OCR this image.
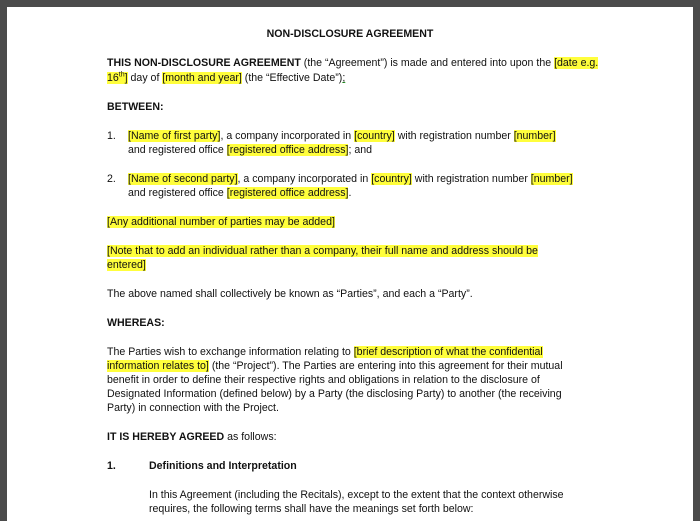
NON-DISCLOSURE AGREEMENT

THIS NON-DISCLOSURE AGREEMENT (the “Agreement”) is made and entered into upon the [date e.g.

16th] day of [month and year] (the “Effective Date”);

BETWEEN:

1. [Name of first party], a company incorporated in [country] with registration number [number]

and registered office [registered office address]; and

2. [Name of second party], a company incorporated in [country] with registration number [number]

and registered office [registered office address].

[Any additional number of parties may be added]

[Note that to add an individual rather than a company, their full name and address should be

entered]

The above named shall collectively be known as “Parties”, and each a “Party”.

WHEREAS:

The Parties wish to exchange information relating to [brief description of what the confidential

information relates to] (the “Project”). The Parties are entering into this agreement for their mutual

benefit in order to define their respective rights and obligations in relation to the disclosure of

Designated Information (defined below) by a Party (the disclosing Party) to another (the receiving

Party) in connection with the Project.

IT IS HEREBY AGREED as follows:

1.	Definitions and Interpretation

In this Agreement (including the Recitals), except to the extent that the context otherwise

requires, the following terms shall have the meanings set forth below:
